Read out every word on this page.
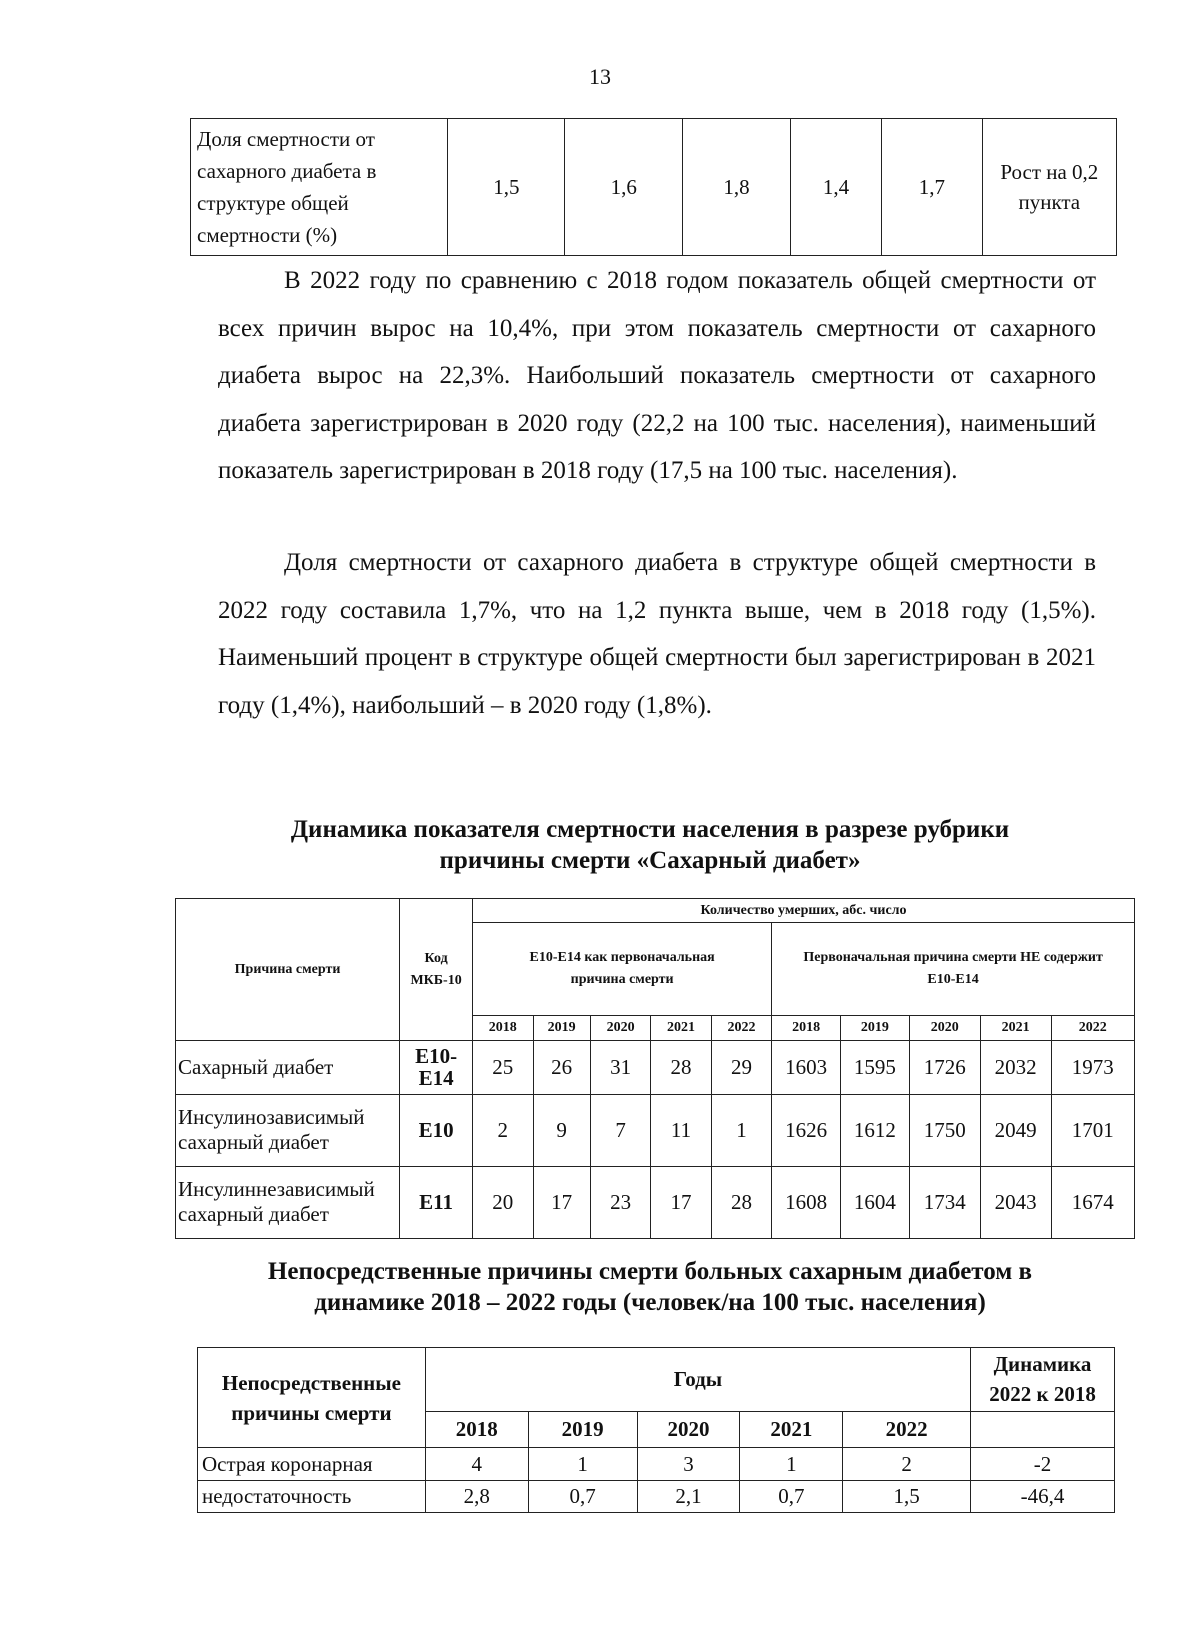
13
Доля смертности от сахарного диабета в структуре общей смертности (%)	1,5	1,6	1,8	1,4	1,7	Рост на 0,2 пункта

В 2022 году по сравнению с 2018 годом показатель общей смертности от всех причин вырос на 10,4%, при этом показатель смертности от сахарного диабета вырос на 22,3%. Наибольший показатель смертности от сахарного диабета зарегистрирован в 2020 году (22,2 на 100 тыс. населения), наименьший показатель зарегистрирован в 2018 году (17,5 на 100 тыс. населения).

Доля смертности от сахарного диабета в структуре общей смертности в 2022 году составила 1,7%, что на 1,2 пункта выше, чем в 2018 году (1,5%). Наименьший процент в структуре общей смертности был зарегистрирован в 2021 году (1,4%), наибольший – в 2020 году (1,8%).

Динамика показателя смертности населения в разрезе рубрики
причины смерти «Сахарный диабет»
Причина смерти	Код МКБ-10	Количество умерших, абс. число									
		Е10-Е14 как первоначальная причина смерти					Первоначальная причина смерти НЕ содержит Е10-Е14				
		2018	2019	2020	2021	2022	2018	2019	2020	2021	2022
Сахарный диабет	Е10-Е14	25	26	31	28	29	1603	1595	1726	2032	1973
Инсулинозависимый сахарный диабет	Е10	2	9	7	11	1	1626	1612	1750	2049	1701
Инсулиннезависимый сахарный диабет	Е11	20	17	23	17	28	1608	1604	1734	2043	1674
Непосредственные причины смерти больных сахарным диабетом в
динамике 2018 – 2022 годы (человек/на 100 тыс. населения)
Непосредственные причины смерти	Годы					Динамика 2022 к 2018
	2018	2019	2020	2021	2022	
Острая коронарная	4	1	3	1	2	-2
недостаточность	2,8	0,7	2,1	0,7	1,5	-46,4
